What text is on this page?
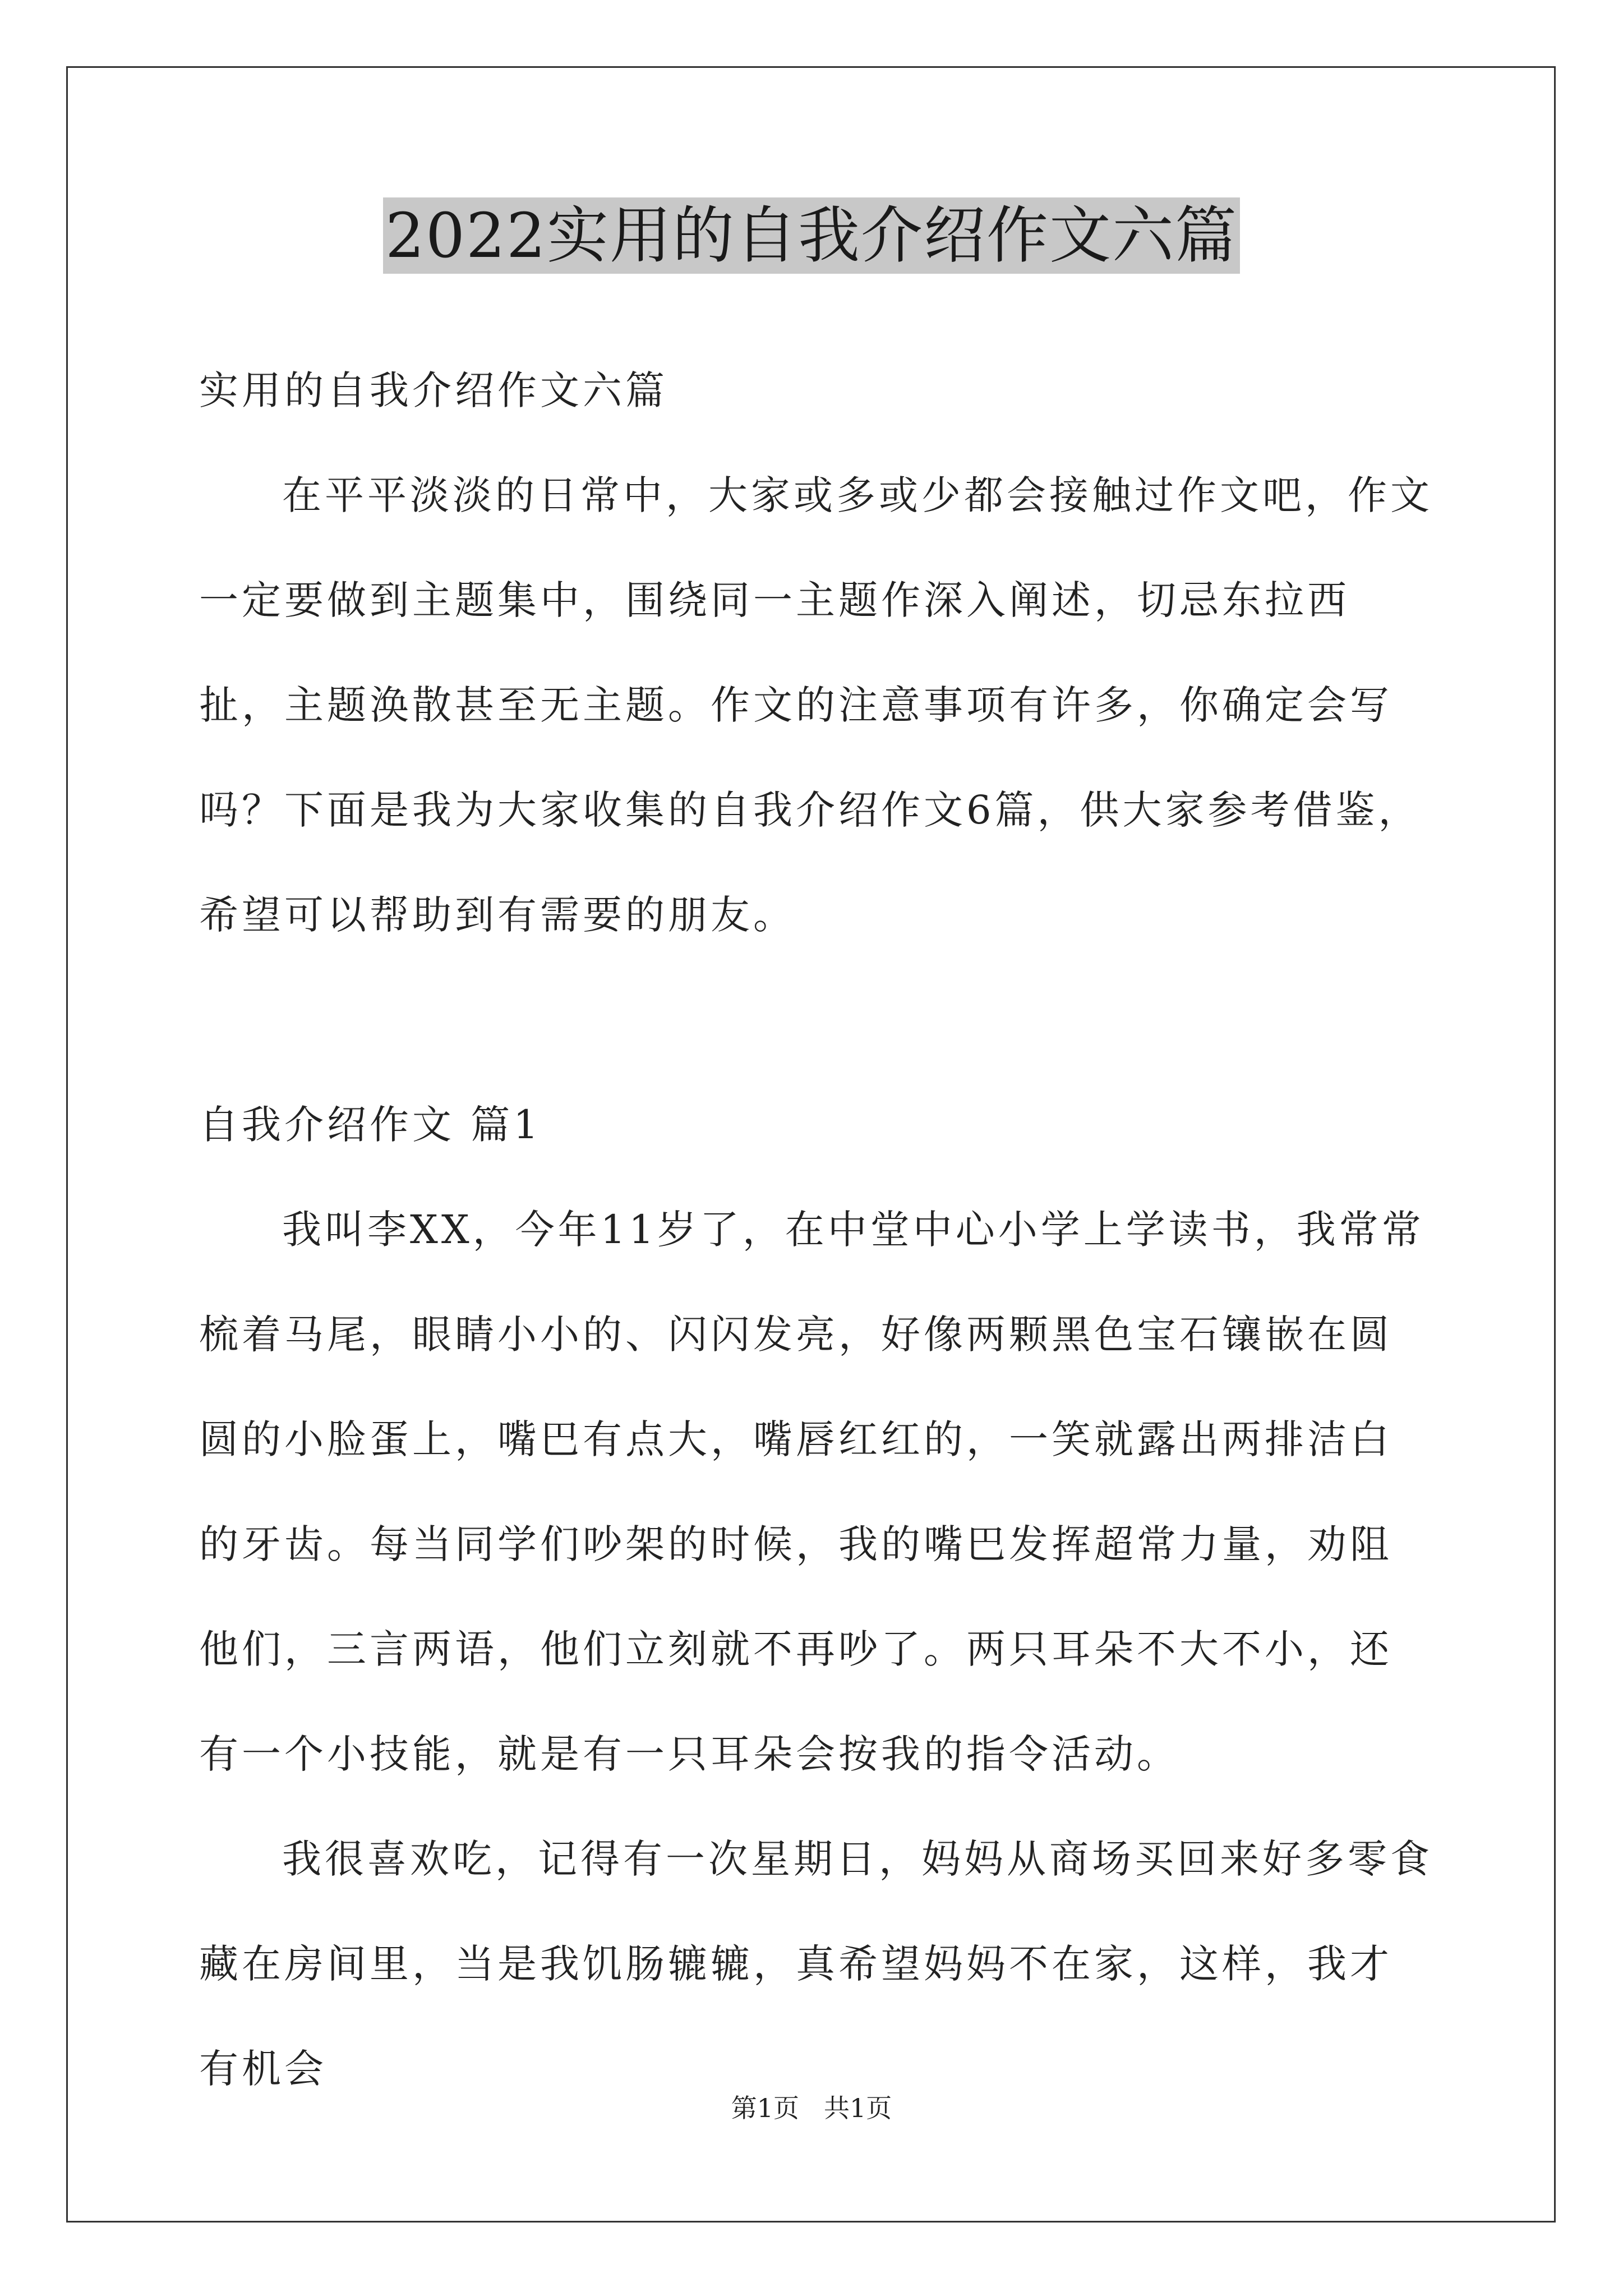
2022实用的自我介绍作文六篇

实用的自我介绍作文六篇

在平平淡淡的日常中，大家或多或少都会接触过作文吧，作文一定要做到主题集中，围绕同一主题作深入阐述，切忌东拉西扯，主题涣散甚至无主题。作文的注意事项有许多，你确定会写吗？下面是我为大家收集的自我介绍作文6篇，供大家参考借鉴，希望可以帮助到有需要的朋友。

自我介绍作文 篇1

我叫李XX，今年11岁了，在中堂中心小学上学读书，我常常梳着马尾，眼睛小小的、闪闪发亮，好像两颗黑色宝石镶嵌在圆圆的小脸蛋上，嘴巴有点大，嘴唇红红的，一笑就露出两排洁白的牙齿。每当同学们吵架的时候，我的嘴巴发挥超常力量，劝阻他们，三言两语，他们立刻就不再吵了。两只耳朵不大不小，还有一个小技能，就是有一只耳朵会按我的指令活动。

我很喜欢吃，记得有一次星期日，妈妈从商场买回来好多零食藏在房间里，当是我饥肠辘辘，真希望妈妈不在家，这样，我才有机会

第1页 共1页
